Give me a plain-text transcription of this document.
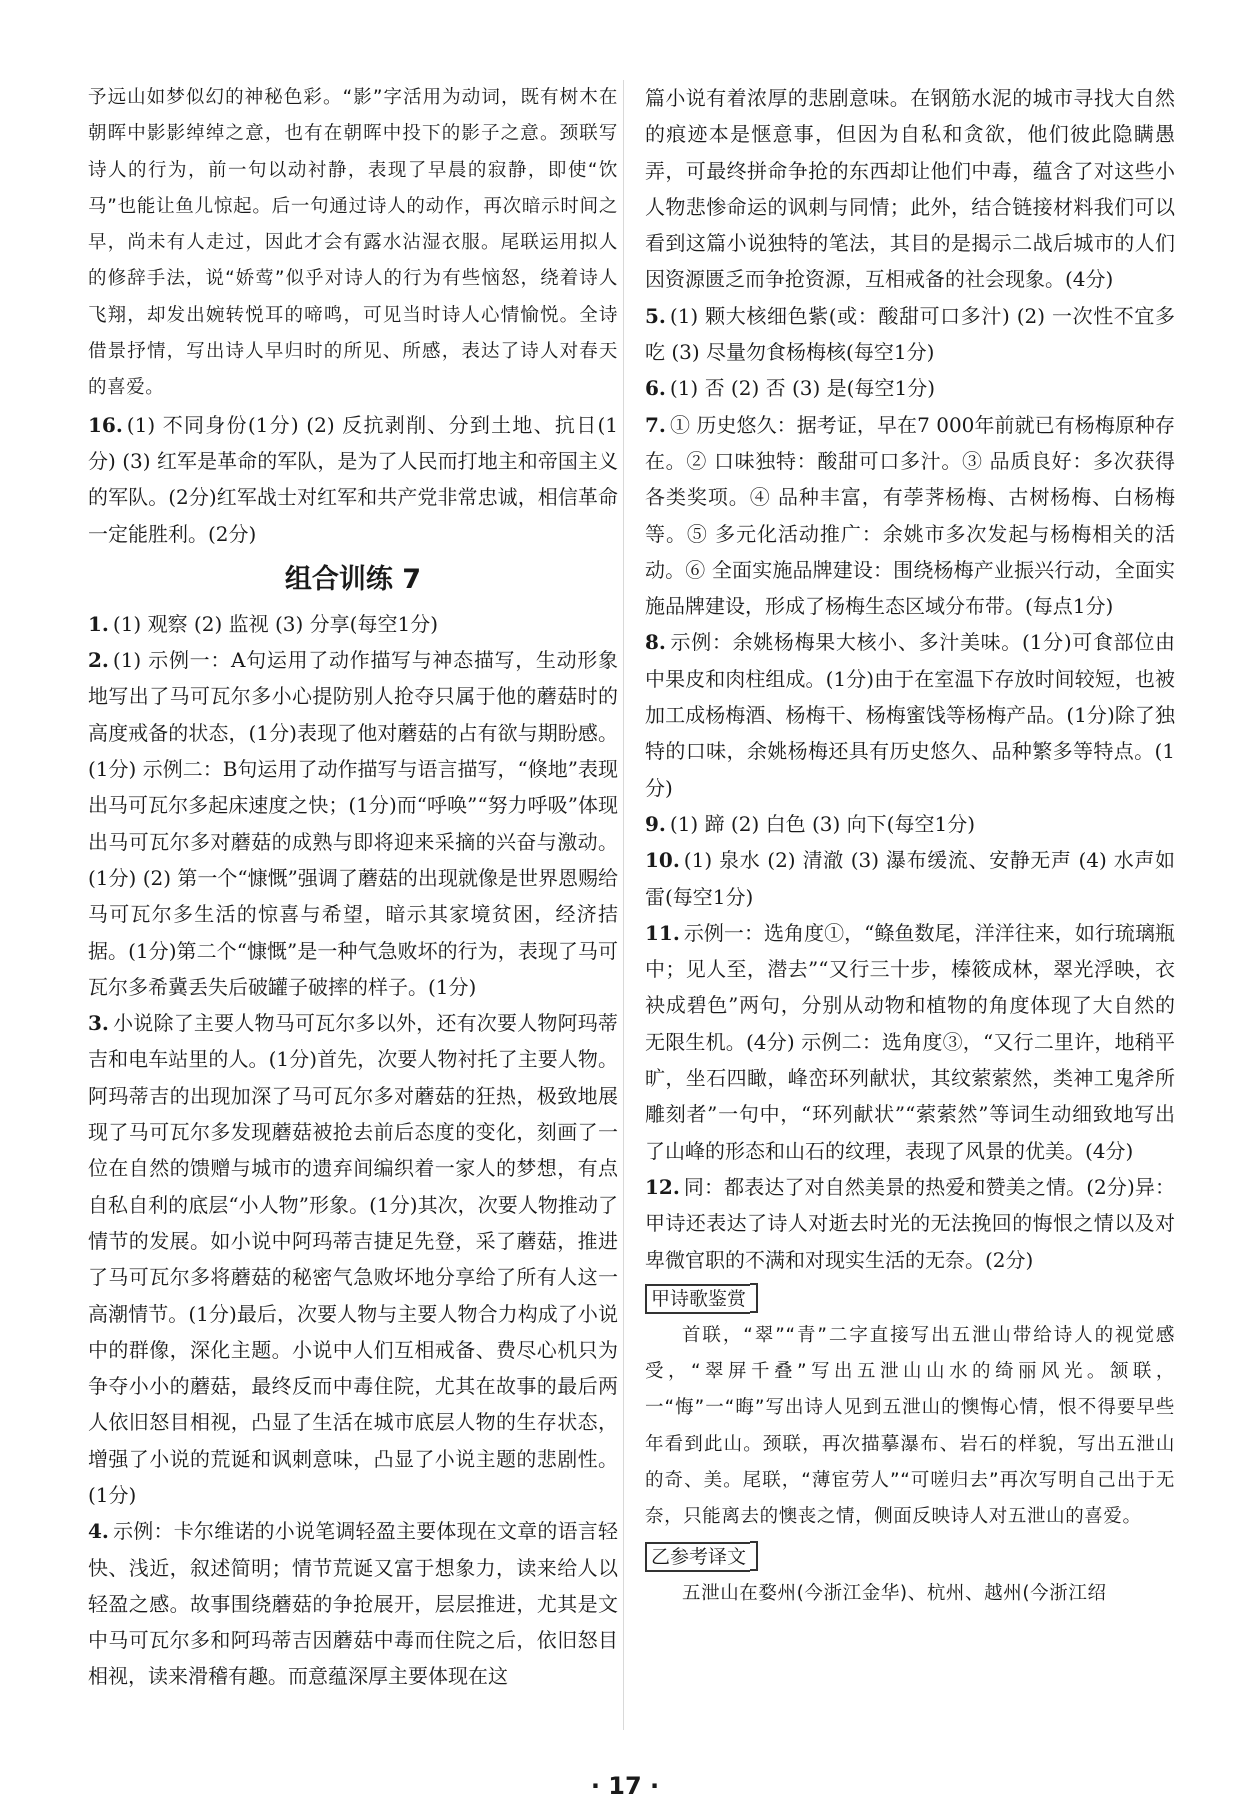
予远山如梦似幻的神秘色彩。“影”字活用为动词，既有树木在朝晖中影影绰绰之意，也有在朝晖中投下的影子之意。颈联写诗人的行为，前一句以动衬静，表现了早晨的寂静，即使“饮马”也能让鱼儿惊起。后一句通过诗人的动作，再次暗示时间之早，尚未有人走过，因此才会有露水沾湿衣服。尾联运用拟人的修辞手法，说“娇莺”似乎对诗人的行为有些恼怒，绕着诗人飞翔，却发出婉转悦耳的啼鸣，可见当时诗人心情愉悦。全诗借景抒情，写出诗人早归时的所见、所感，表达了诗人对春天的喜爱。

16. (1) 不同身份(1分) (2) 反抗剥削、分到土地、抗日(1分) (3) 红军是革命的军队，是为了人民而打地主和帝国主义的军队。(2分)红军战士对红军和共产党非常忠诚，相信革命一定能胜利。(2分)

组合训练 7

1. (1) 观察 (2) 监视 (3) 分享(每空1分)

2. (1) 示例一：A句运用了动作描写与神态描写，生动形象地写出了马可瓦尔多小心提防别人抢夺只属于他的蘑菇时的高度戒备的状态，(1分)表现了他对蘑菇的占有欲与期盼感。(1分) 示例二：B句运用了动作描写与语言描写，“倏地”表现出马可瓦尔多起床速度之快；(1分)而“呼唤”“努力呼吸”体现出马可瓦尔多对蘑菇的成熟与即将迎来采摘的兴奋与激动。(1分) (2) 第一个“慷慨”强调了蘑菇的出现就像是世界恩赐给马可瓦尔多生活的惊喜与希望，暗示其家境贫困，经济拮据。(1分)第二个“慷慨”是一种气急败坏的行为，表现了马可瓦尔多希冀丢失后破罐子破摔的样子。(1分)

3. 小说除了主要人物马可瓦尔多以外，还有次要人物阿玛蒂吉和电车站里的人。(1分)首先，次要人物衬托了主要人物。阿玛蒂吉的出现加深了马可瓦尔多对蘑菇的狂热，极致地展现了马可瓦尔多发现蘑菇被抢去前后态度的变化，刻画了一位在自然的馈赠与城市的遗弃间编织着一家人的梦想，有点自私自利的底层“小人物”形象。(1分)其次，次要人物推动了情节的发展。如小说中阿玛蒂吉捷足先登，采了蘑菇，推进了马可瓦尔多将蘑菇的秘密气急败坏地分享给了所有人这一高潮情节。(1分)最后，次要人物与主要人物合力构成了小说中的群像，深化主题。小说中人们互相戒备、费尽心机只为争夺小小的蘑菇，最终反而中毒住院，尤其在故事的最后两人依旧怒目相视，凸显了生活在城市底层人物的生存状态，增强了小说的荒诞和讽刺意味，凸显了小说主题的悲剧性。(1分)

4. 示例：卡尔维诺的小说笔调轻盈主要体现在文章的语言轻快、浅近，叙述简明；情节荒诞又富于想象力，读来给人以轻盈之感。故事围绕蘑菇的争抢展开，层层推进，尤其是文中马可瓦尔多和阿玛蒂吉因蘑菇中毒而住院之后，依旧怒目相视，读来滑稽有趣。而意蕴深厚主要体现在这

篇小说有着浓厚的悲剧意味。在钢筋水泥的城市寻找大自然的痕迹本是惬意事，但因为自私和贪欲，他们彼此隐瞒愚弄，可最终拼命争抢的东西却让他们中毒，蕴含了对这些小人物悲惨命运的讽刺与同情；此外，结合链接材料我们可以看到这篇小说独特的笔法，其目的是揭示二战后城市的人们因资源匮乏而争抢资源，互相戒备的社会现象。(4分)

5. (1) 颗大核细色紫(或：酸甜可口多汁) (2) 一次性不宜多吃 (3) 尽量勿食杨梅核(每空1分)

6. (1) 否 (2) 否 (3) 是(每空1分)

7. ① 历史悠久：据考证，早在7 000年前就已有杨梅原种存在。② 口味独特：酸甜可口多汁。③ 品质良好：多次获得各类奖项。④ 品种丰富，有荸荠杨梅、古树杨梅、白杨梅等。⑤ 多元化活动推广：余姚市多次发起与杨梅相关的活动。⑥ 全面实施品牌建设：围绕杨梅产业振兴行动，全面实施品牌建设，形成了杨梅生态区域分布带。(每点1分)

8. 示例：余姚杨梅果大核小、多汁美味。(1分)可食部位由中果皮和肉柱组成。(1分)由于在室温下存放时间较短，也被加工成杨梅酒、杨梅干、杨梅蜜饯等杨梅产品。(1分)除了独特的口味，余姚杨梅还具有历史悠久、品种繁多等特点。(1分)

9. (1) 蹄 (2) 白色 (3) 向下(每空1分)

10. (1) 泉水 (2) 清澈 (3) 瀑布缓流、安静无声 (4) 水声如雷(每空1分)

11. 示例一：选角度①，“鲦鱼数尾，洋洋往来，如行琉璃瓶中；见人至，潜去”“又行三十步，榛筱成林，翠光浮映，衣袂成碧色”两句，分别从动物和植物的角度体现了大自然的无限生机。(4分) 示例二：选角度③，“又行二里许，地稍平旷，坐石四瞰，峰峦环列献状，其纹萦萦然，类神工鬼斧所雕刻者”一句中，“环列献状”“萦萦然”等词生动细致地写出了山峰的形态和山石的纹理，表现了风景的优美。(4分)

12. 同：都表达了对自然美景的热爱和赞美之情。(2分)异：甲诗还表达了诗人对逝去时光的无法挽回的悔恨之情以及对卑微官职的不满和对现实生活的无奈。(2分)

甲诗歌鉴赏

首联，“翠”“青”二字直接写出五泄山带给诗人的视觉感受，“翠屏千叠”写出五泄山山水的绮丽风光。颔联，一“悔”一“晦”写出诗人见到五泄山的懊悔心情，恨不得要早些年看到此山。颈联，再次描摹瀑布、岩石的样貌，写出五泄山的奇、美。尾联，“薄宦劳人”“可嗟归去”再次写明自己出于无奈，只能离去的懊丧之情，侧面反映诗人对五泄山的喜爱。

乙参考译文

五泄山在婺州(今浙江金华)、杭州、越州(今浙江绍

· 17 ·
